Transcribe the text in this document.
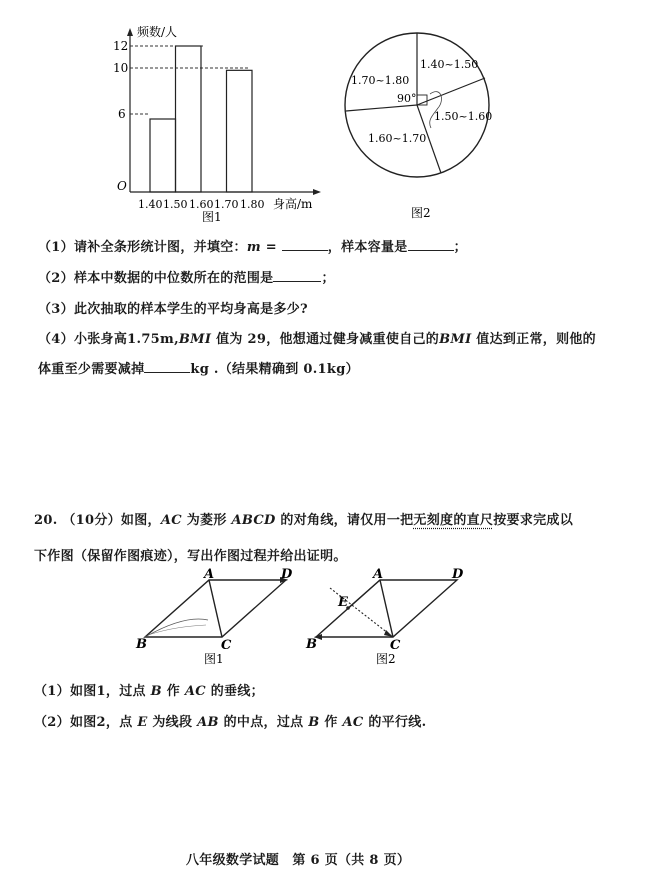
12
10
6
O
频数/人
1.40 1.50 1.60 1.70 1.80 身高/m
图1
1.40~1.50
1.50~1.60
1.60~1.70
1.70~1.80
90°
图2
（1）请补全条形统计图，并填空：m =	，样本容量是	；
（2）样本中数据的中位数所在的范围是	；
（3）此次抽取的样本学生的平均身高是多少?
（4）小张身高1.75m,BMI 值为 29，他想通过健身减重使自己的BMI 值达到正常，则他的
体重至少需要减掉	kg .（结果精确到 0.1kg）
20. （10分）如图，AC 为菱形 ABCD 的对角线，请仅用一把无刻度的直尺按要求完成以
下作图（保留作图痕迹），写出作图过程并给出证明。
A	D
B	C
图1
A	D
E
B	C
图2
（1）如图1，过点 B 作 AC 的垂线；
（2）如图2，点 E 为线段 AB 的中点，过点 B 作 AC 的平行线.
八年级数学试题　第 6 页（共 8 页）
